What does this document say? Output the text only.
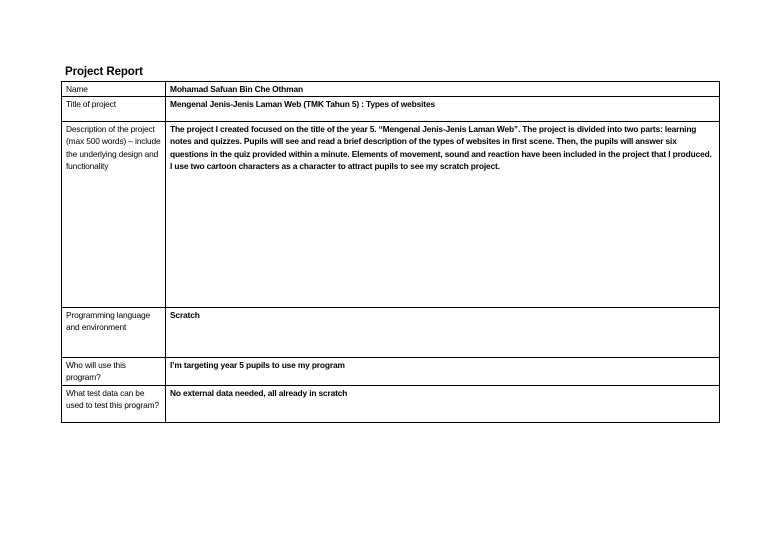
Project Report
Name	Mohamad Safuan Bin Che Othman
Title of project	Mengenal Jenis-Jenis Laman Web (TMK Tahun 5) : Types of websites
Description of the project (max 500 words) – include the underlying design and functionality	The project I created focused on the title of the year 5. “Mengenal Jenis-Jenis Laman Web”. The project is divided into two parts: learning notes and quizzes. Pupils will see and read a brief description of the types of websites in first scene. Then, the pupils will answer six questions in the quiz provided within a minute. Elements of movement, sound and reaction have been included in the project that I produced. I use two cartoon characters as a character to attract pupils to see my scratch project.
Programming language and environment	Scratch
Who will use this program?	I’m targeting year 5 pupils to use my program
What test data can be used to test this program?	No external data needed, all already in scratch
